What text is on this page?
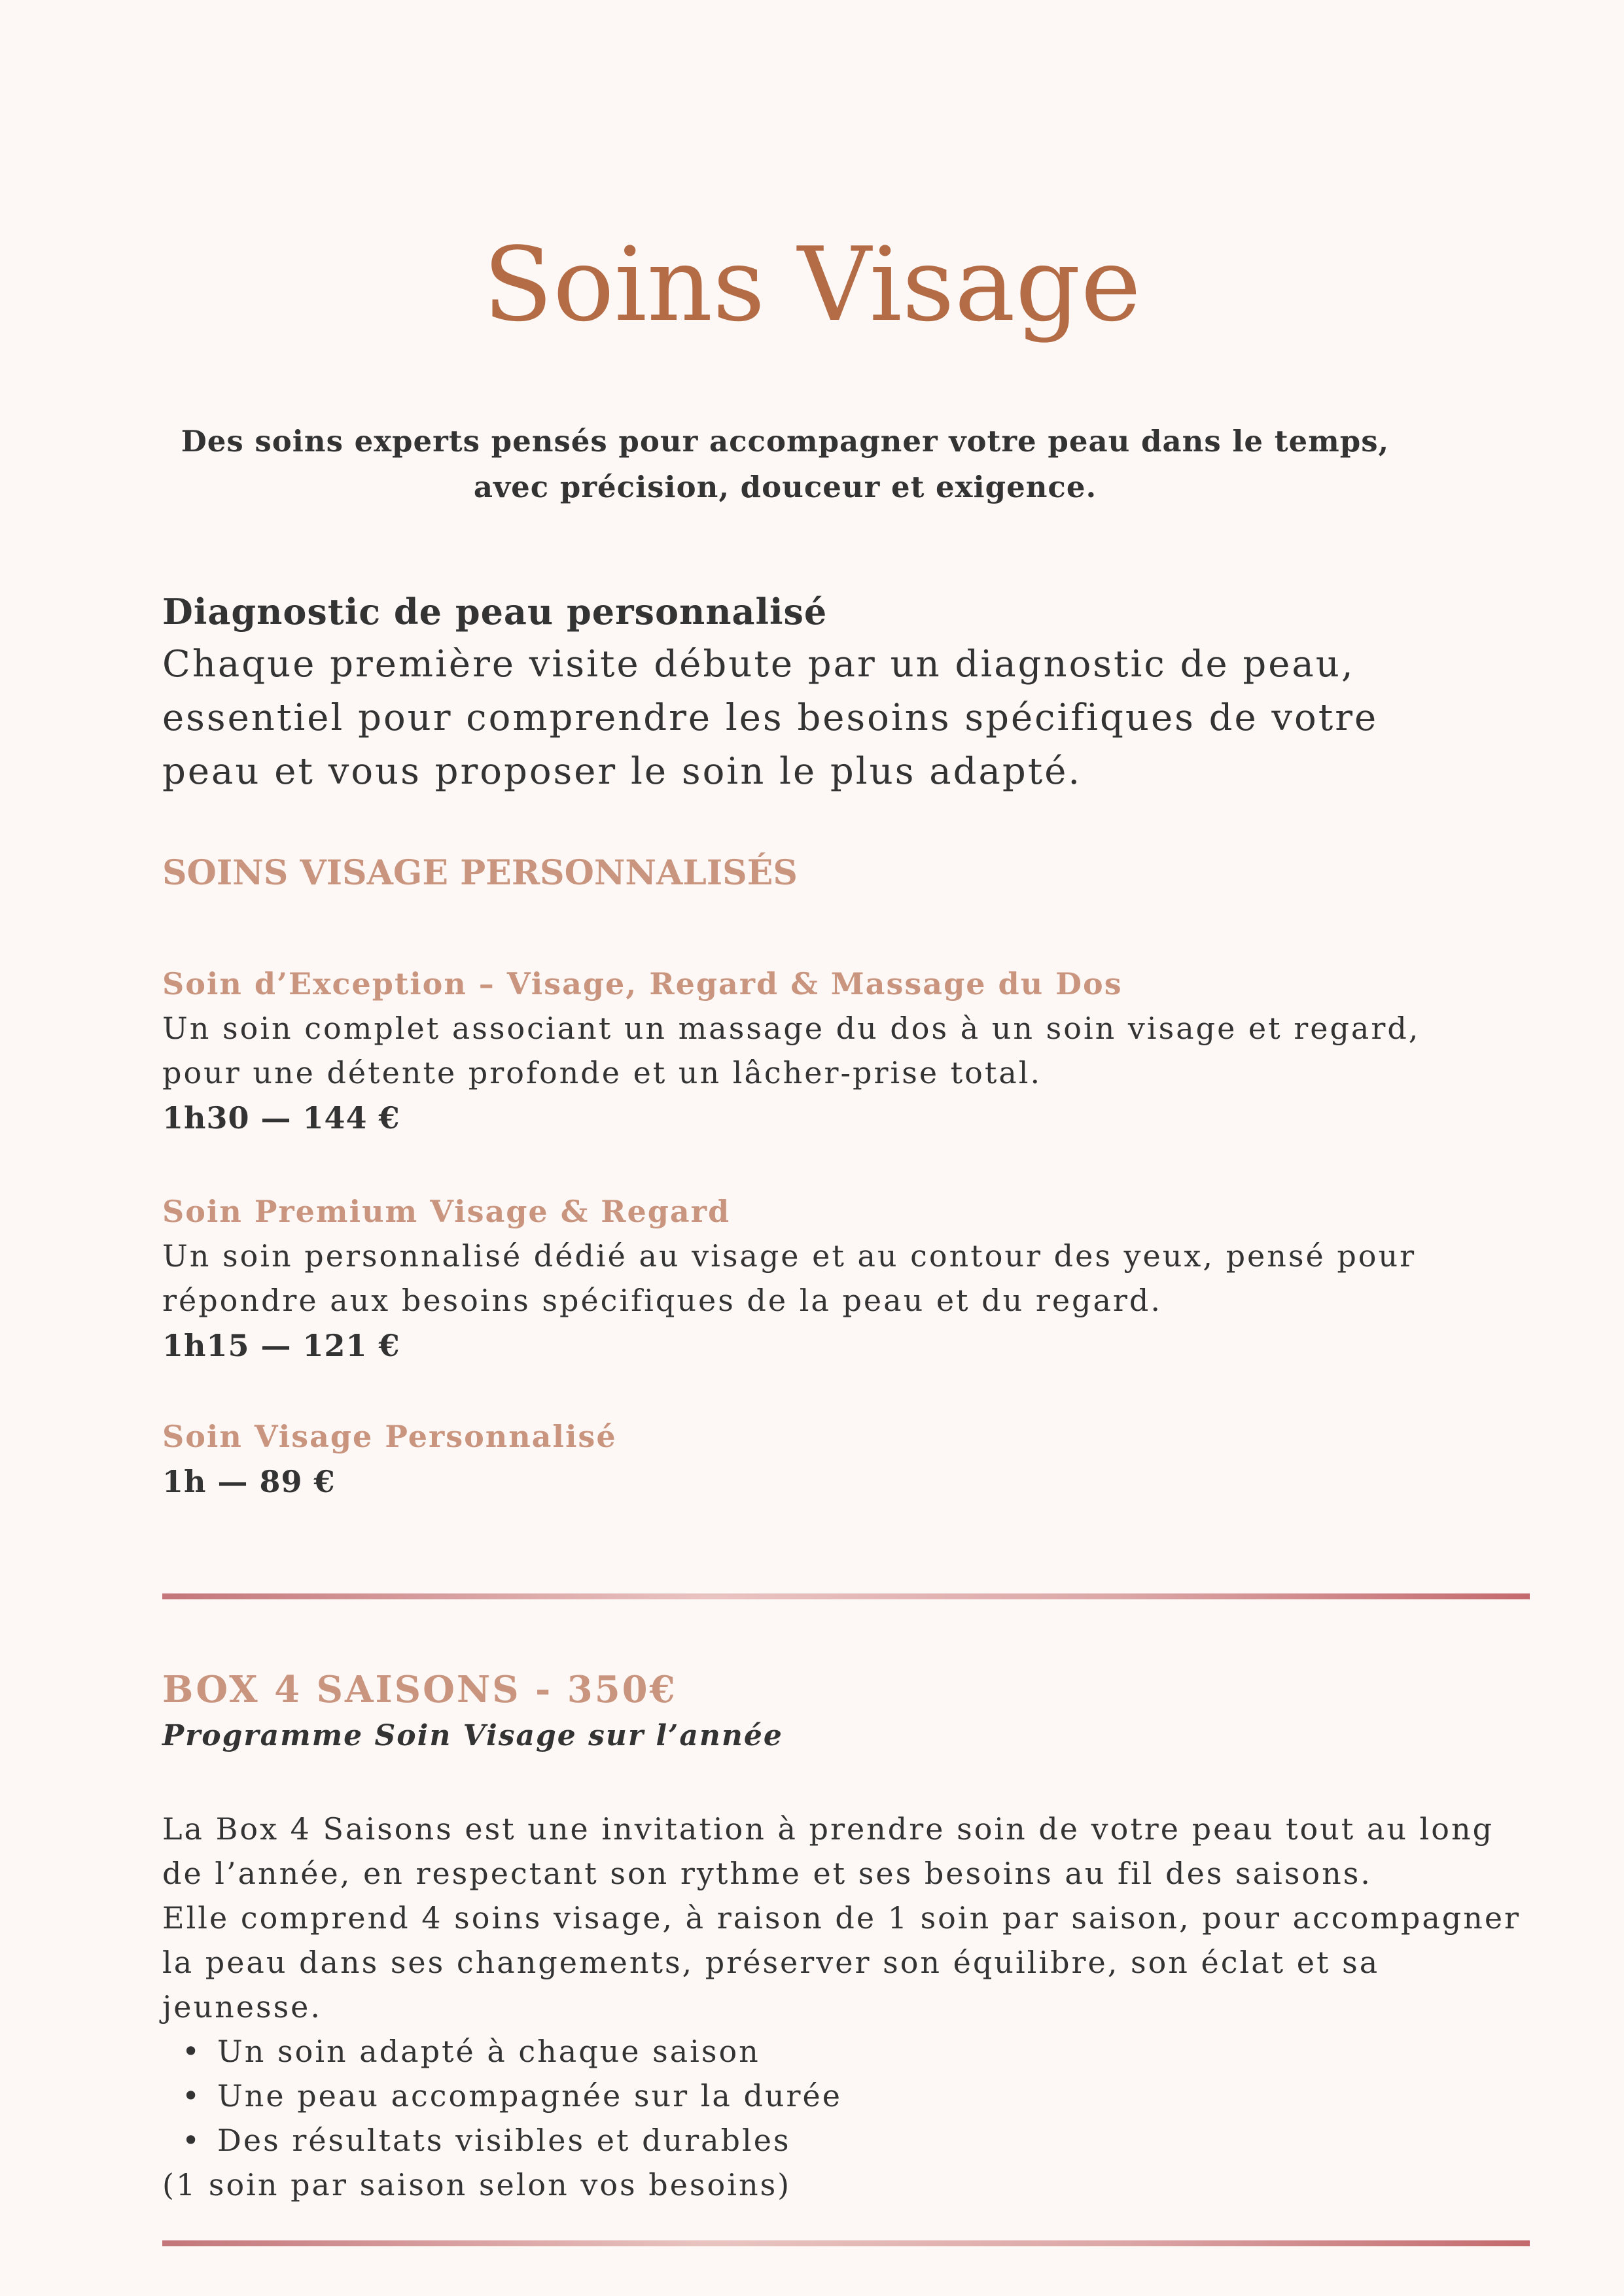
Soins Visage
Des soins experts pensés pour accompagner votre peau dans le temps,
avec précision, douceur et exigence.
Diagnostic de peau personnalisé
Chaque première visite débute par un diagnostic de peau,
essentiel pour comprendre les besoins spécifiques de votre
peau et vous proposer le soin le plus adapté.
SOINS VISAGE PERSONNALISÉS
Soin d’Exception – Visage, Regard & Massage du Dos
Un soin complet associant un massage du dos à un soin visage et regard,
pour une détente profonde et un lâcher-prise total.
1h30 — 144 €
Soin Premium Visage & Regard
Un soin personnalisé dédié au visage et au contour des yeux, pensé pour
répondre aux besoins spécifiques de la peau et du regard.
1h15 — 121 €
Soin Visage Personnalisé
1h — 89 €
BOX 4 SAISONS - 350€
Programme Soin Visage sur l’année
La Box 4 Saisons est une invitation à prendre soin de votre peau tout au long
de l’année, en respectant son rythme et ses besoins au fil des saisons.
Elle comprend 4 soins visage, à raison de 1 soin par saison, pour accompagner
la peau dans ses changements, préserver son équilibre, son éclat et sa
jeunesse.
• Un soin adapté à chaque saison
• Une peau accompagnée sur la durée
• Des résultats visibles et durables
(1 soin par saison selon vos besoins)
